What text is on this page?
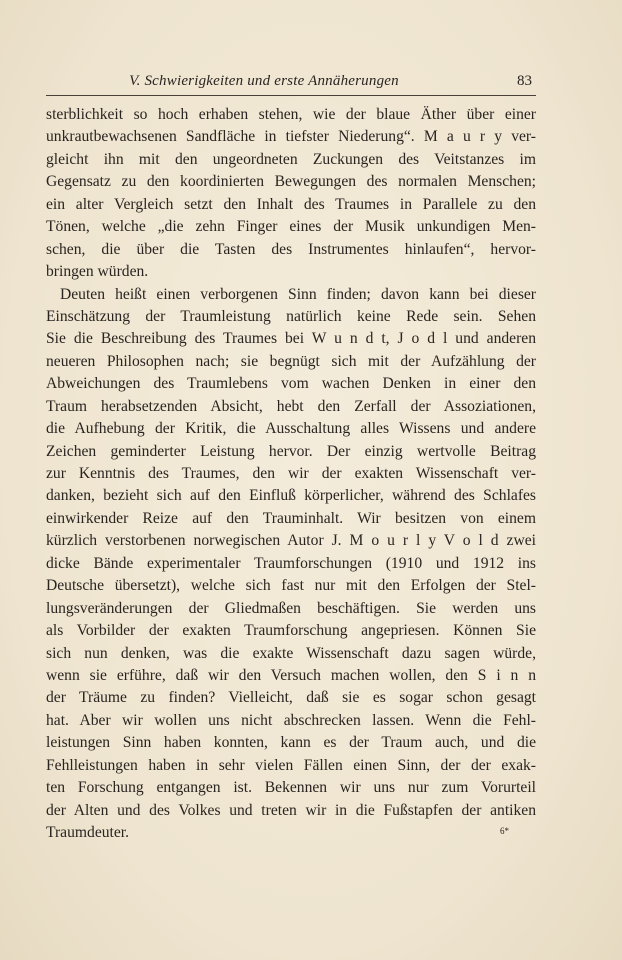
V. Schwierigkeiten und erste Annäherungen	83
sterblichkeit so hoch erhaben stehen, wie der blaue Äther über einer
unkrautbewachsenen Sandfläche in tiefster Niederung“. M a u r y ver-
gleicht ihn mit den ungeordneten Zuckungen des Veitstanzes im
Gegensatz zu den koordinierten Bewegungen des normalen Menschen;
ein alter Vergleich setzt den Inhalt des Traumes in Parallele zu den
Tönen, welche „die zehn Finger eines der Musik unkundigen Men-
schen, die über die Tasten des Instrumentes hinlaufen“, hervor-
bringen würden.
Deuten heißt einen verborgenen Sinn finden; davon kann bei dieser
Einschätzung der Traumleistung natürlich keine Rede sein. Sehen
Sie die Beschreibung des Traumes bei W u n d t, J o d l und anderen
neueren Philosophen nach; sie begnügt sich mit der Aufzählung der
Abweichungen des Traumlebens vom wachen Denken in einer den
Traum herabsetzenden Absicht, hebt den Zerfall der Assoziationen,
die Aufhebung der Kritik, die Ausschaltung alles Wissens und andere
Zeichen geminderter Leistung hervor. Der einzig wertvolle Beitrag
zur Kenntnis des Traumes, den wir der exakten Wissenschaft ver-
danken, bezieht sich auf den Einfluß körperlicher, während des Schlafes
einwirkender Reize auf den Trauminhalt. Wir besitzen von einem
kürzlich verstorbenen norwegischen Autor J. M o u r l y V o l d zwei
dicke Bände experimentaler Traumforschungen (1910 und 1912 ins
Deutsche übersetzt), welche sich fast nur mit den Erfolgen der Stel-
lungsveränderungen der Gliedmaßen beschäftigen. Sie werden uns
als Vorbilder der exakten Traumforschung angepriesen. Können Sie
sich nun denken, was die exakte Wissenschaft dazu sagen würde,
wenn sie erführe, daß wir den Versuch machen wollen, den S i n n
der Träume zu finden? Vielleicht, daß sie es sogar schon gesagt
hat. Aber wir wollen uns nicht abschrecken lassen. Wenn die Fehl-
leistungen Sinn haben konnten, kann es der Traum auch, und die
Fehlleistungen haben in sehr vielen Fällen einen Sinn, der der exak-
ten Forschung entgangen ist. Bekennen wir uns nur zum Vorurteil
der Alten und des Volkes und treten wir in die Fußstapfen der antiken
Traumdeuter.	6*
